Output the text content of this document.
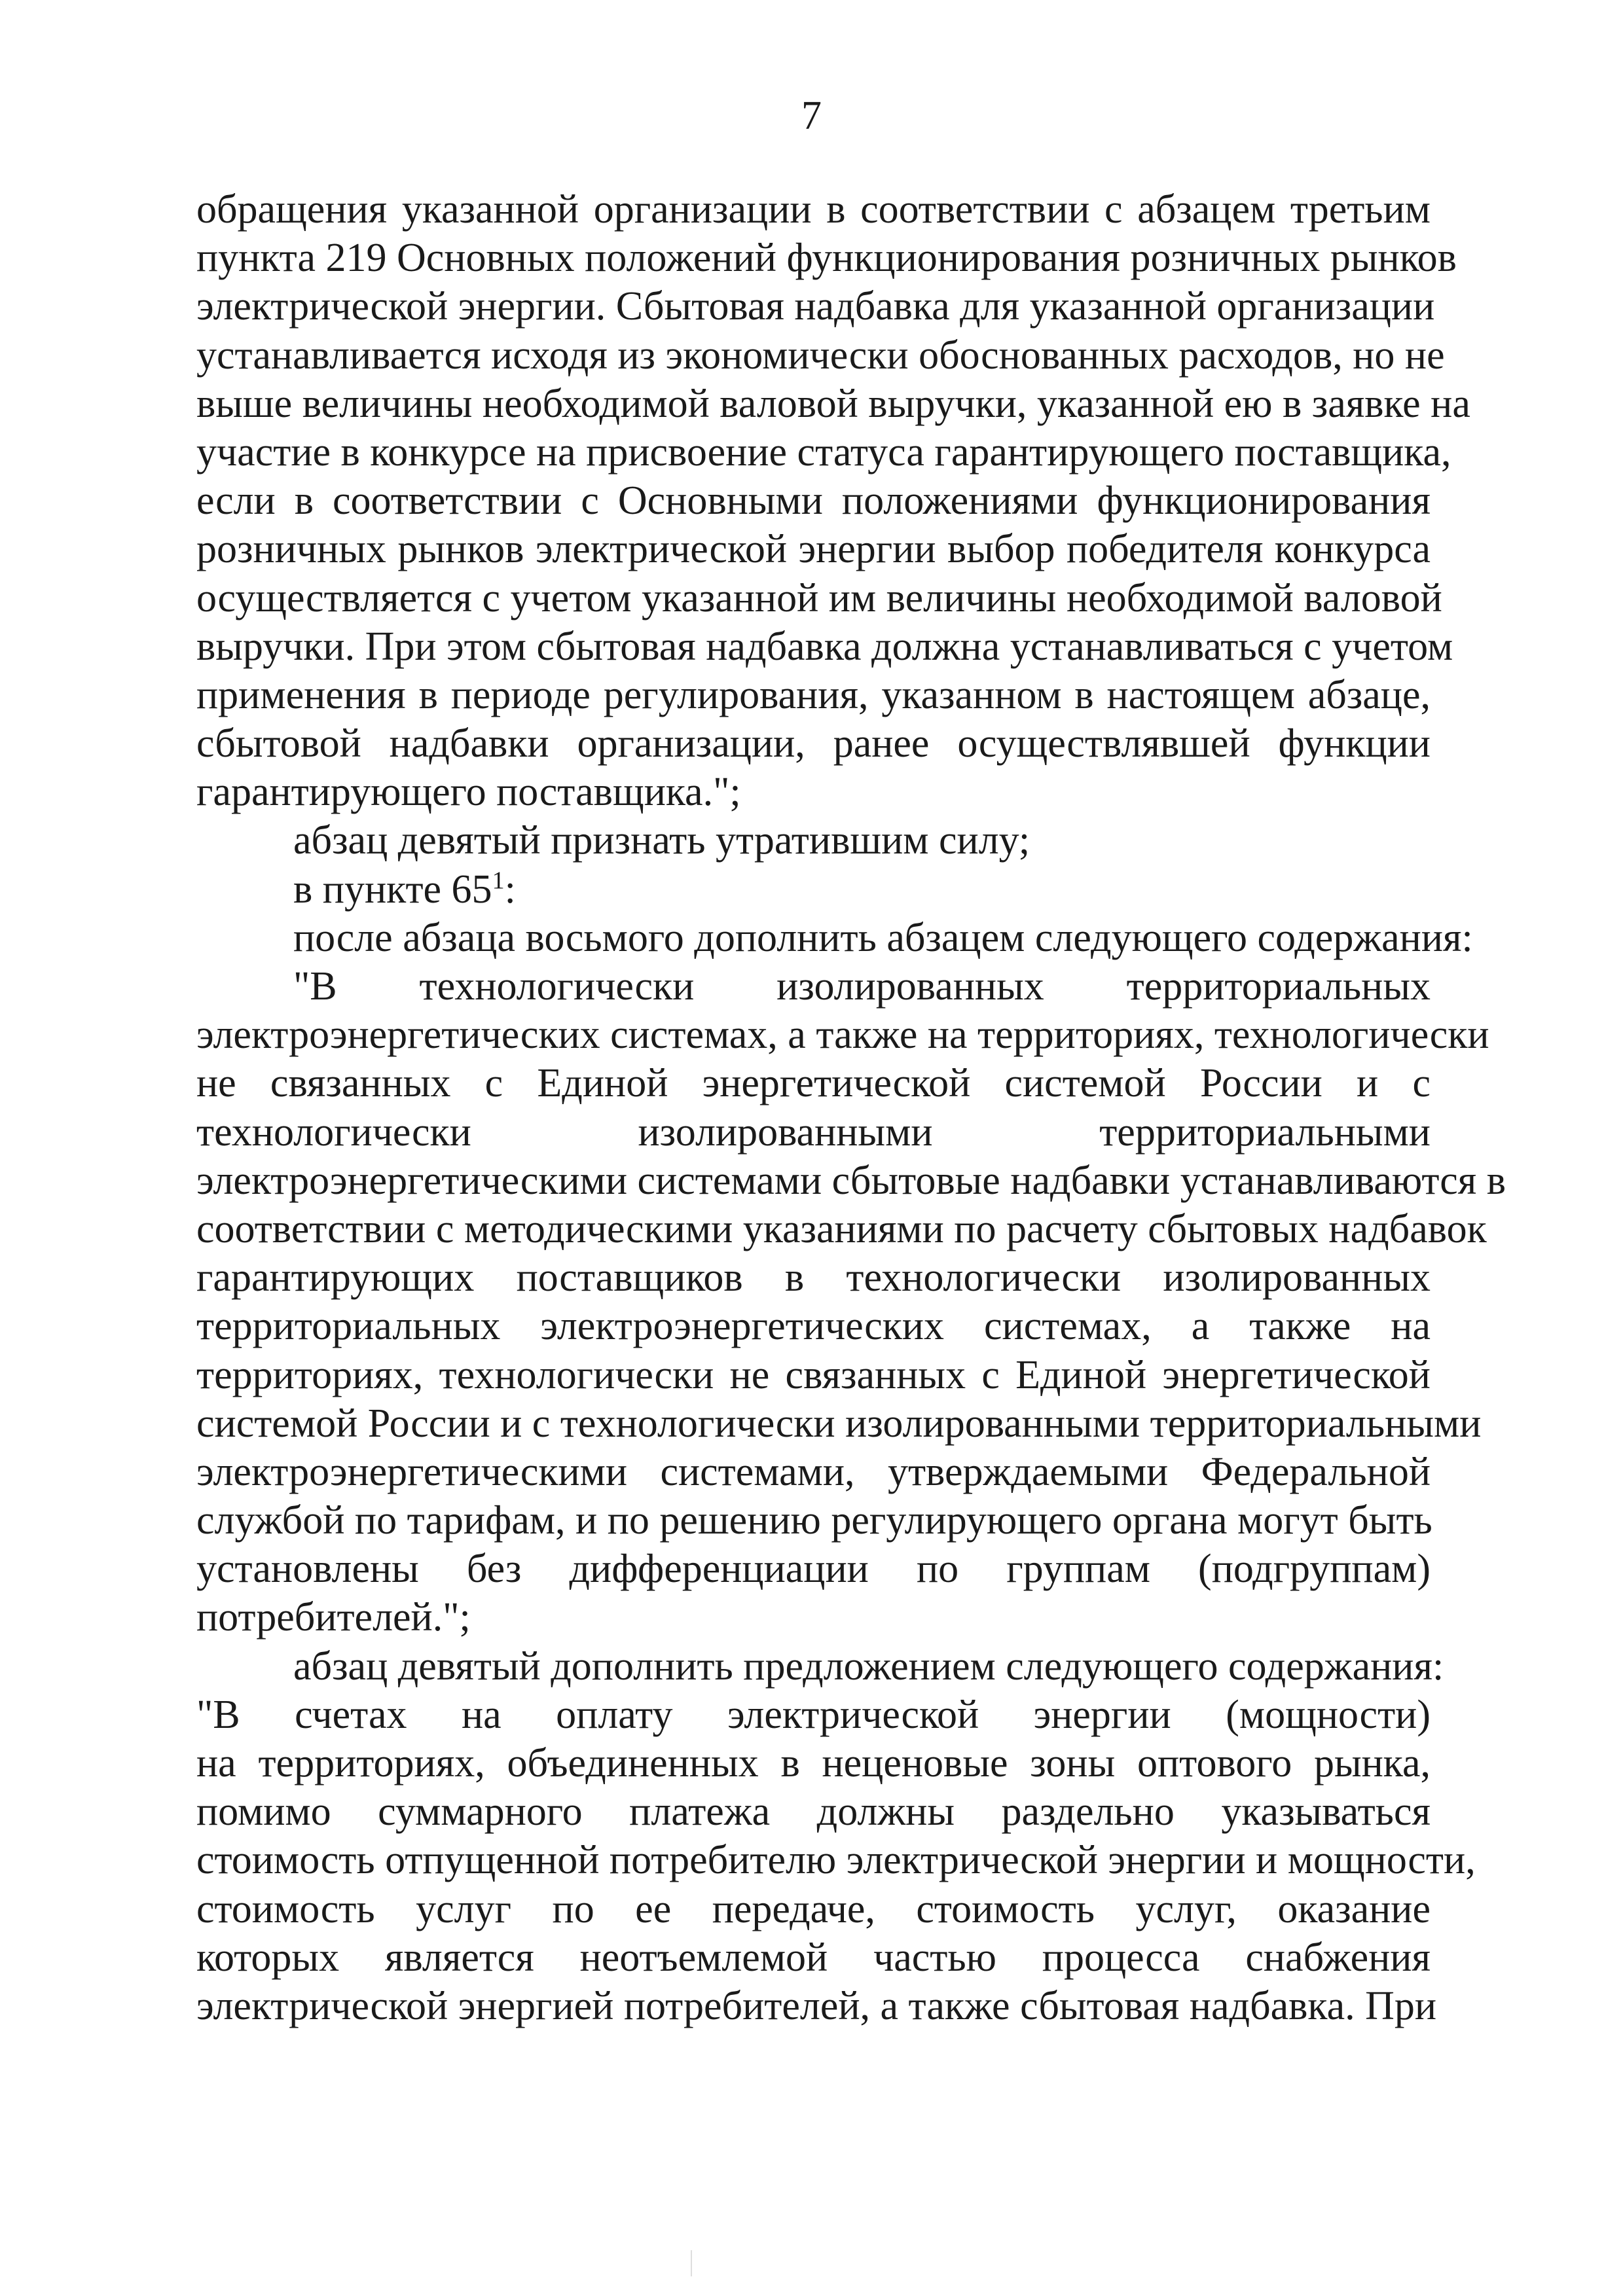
7
обращения указанной организации в соответствии с абзацем третьим
пункта 219 Основных положений функционирования розничных рынков
электрической энергии. Сбытовая надбавка для указанной организации
устанавливается исходя из экономически обоснованных расходов, но не
выше величины необходимой валовой выручки, указанной ею в заявке на
участие в конкурсе на присвоение статуса гарантирующего поставщика,
если в соответствии с Основными положениями функционирования
розничных рынков электрической энергии выбор победителя конкурса
осуществляется с учетом указанной им величины необходимой валовой
выручки. При этом сбытовая надбавка должна устанавливаться с учетом
применения в периоде регулирования, указанном в настоящем абзаце,
сбытовой надбавки организации, ранее осуществлявшей функции
гарантирующего поставщика.";
абзац девятый признать утратившим силу;
в пункте $65^1$:
после абзаца восьмого дополнить абзацем следующего содержания:
"В технологически изолированных территориальных
электроэнергетических системах, а также на территориях, технологически
не связанных с Единой энергетической системой России и с
технологически изолированными территориальными
электроэнергетическими системами сбытовые надбавки устанавливаются в
соответствии с методическими указаниями по расчету сбытовых надбавок
гарантирующих поставщиков в технологически изолированных
территориальных электроэнергетических системах, а также на
территориях, технологически не связанных с Единой энергетической
системой России и с технологически изолированными территориальными
электроэнергетическими системами, утверждаемыми Федеральной
службой по тарифам, и по решению регулирующего органа могут быть
установлены без дифференциации по группам (подгруппам)
потребителей.";
абзац девятый дополнить предложением следующего содержания:
"В счетах на оплату электрической энергии (мощности)
на территориях, объединенных в неценовые зоны оптового рынка,
помимо суммарного платежа должны раздельно указываться
стоимость отпущенной потребителю электрической энергии и мощности,
стоимость услуг по ее передаче, стоимость услуг, оказание
которых является неотъемлемой частью процесса снабжения
электрической энергией потребителей, а также сбытовая надбавка. При
